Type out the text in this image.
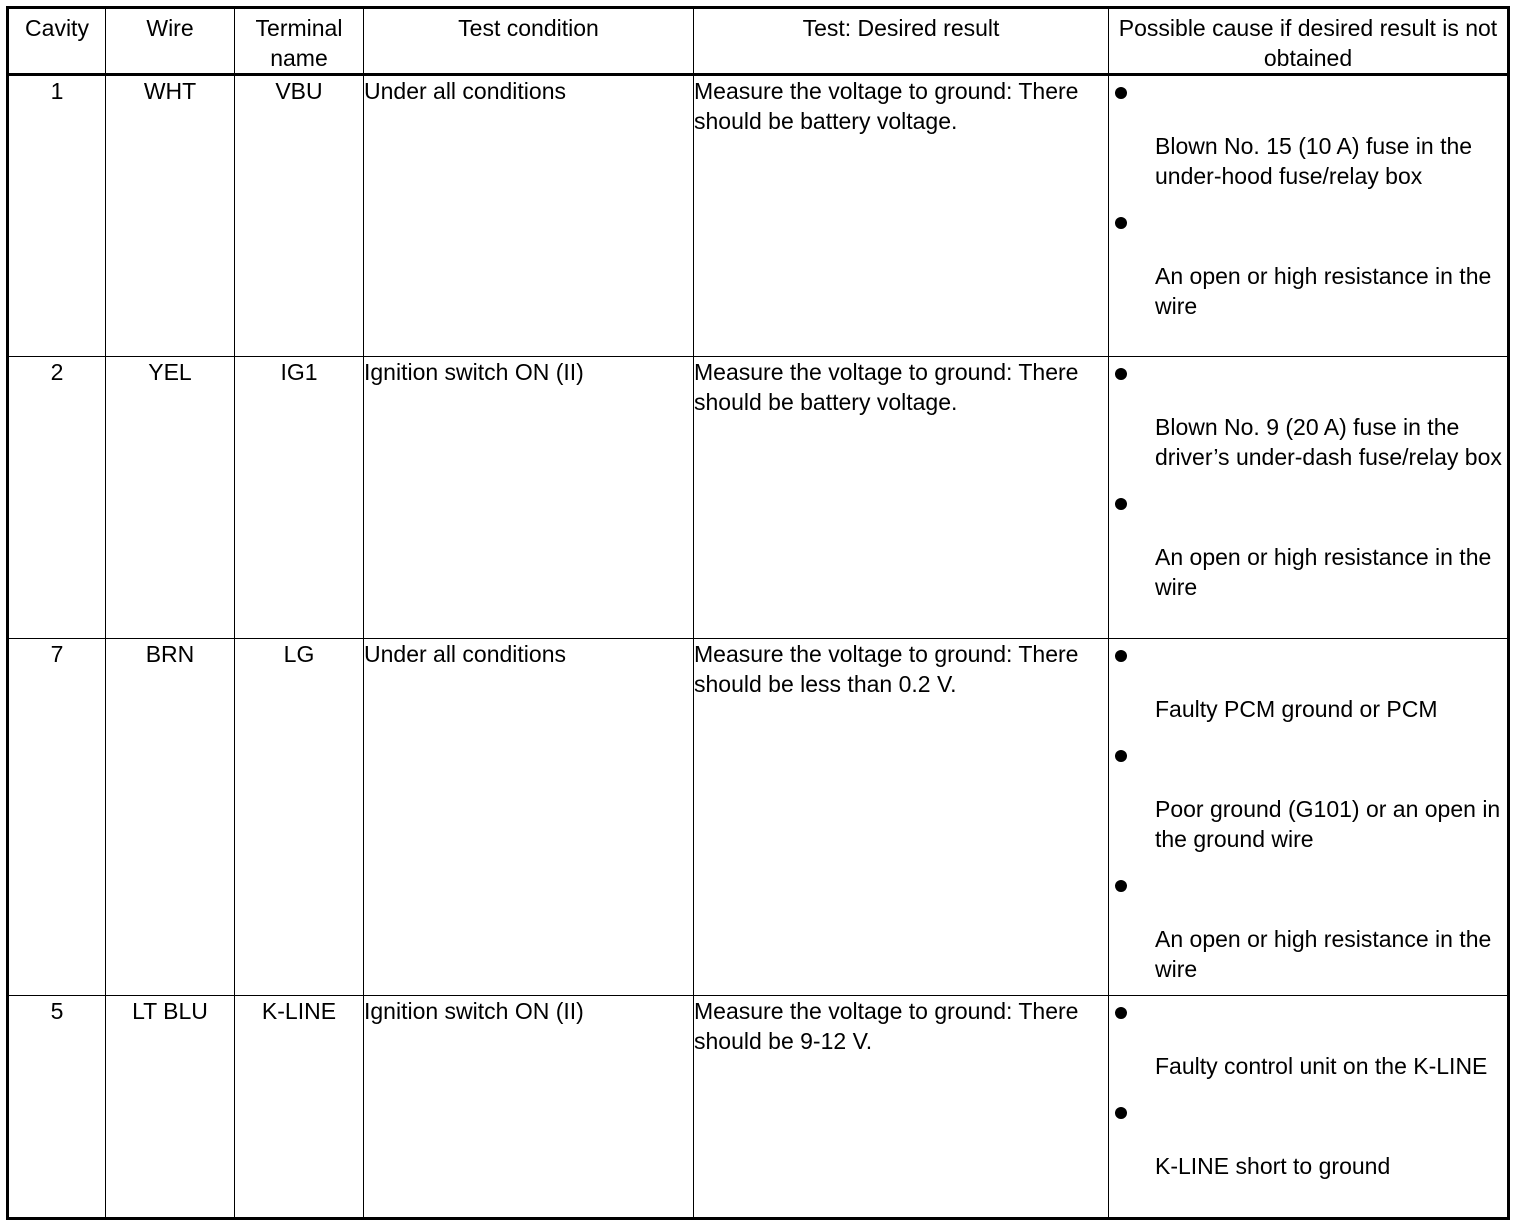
Cavity	Wire	Terminal name	Test condition	Test: Desired result	Possible cause if desired result is not obtained
1	WHT	VBU	Under all conditions	Measure the voltage to ground: There should be battery voltage.	Blown No. 15 (10 A) fuse in the under-hood fuse/relay box
An open or high resistance in the wire

2	YEL	IG1	Ignition switch ON (II)	Measure the voltage to ground: There should be battery voltage.	Blown No. 9 (20 A) fuse in the driver’s under-dash fuse/relay box
An open or high resistance in the wire

7	BRN	LG	Under all conditions	Measure the voltage to ground: There should be less than 0.2 V.	Faulty PCM ground or PCM
Poor ground (G101) or an open in the ground wire
An open or high resistance in the wire

5	LT BLU	K-LINE	Ignition switch ON (II)	Measure the voltage to ground: There should be 9-12 V.	Faulty control unit on the K-LINE
K-LINE short to ground
